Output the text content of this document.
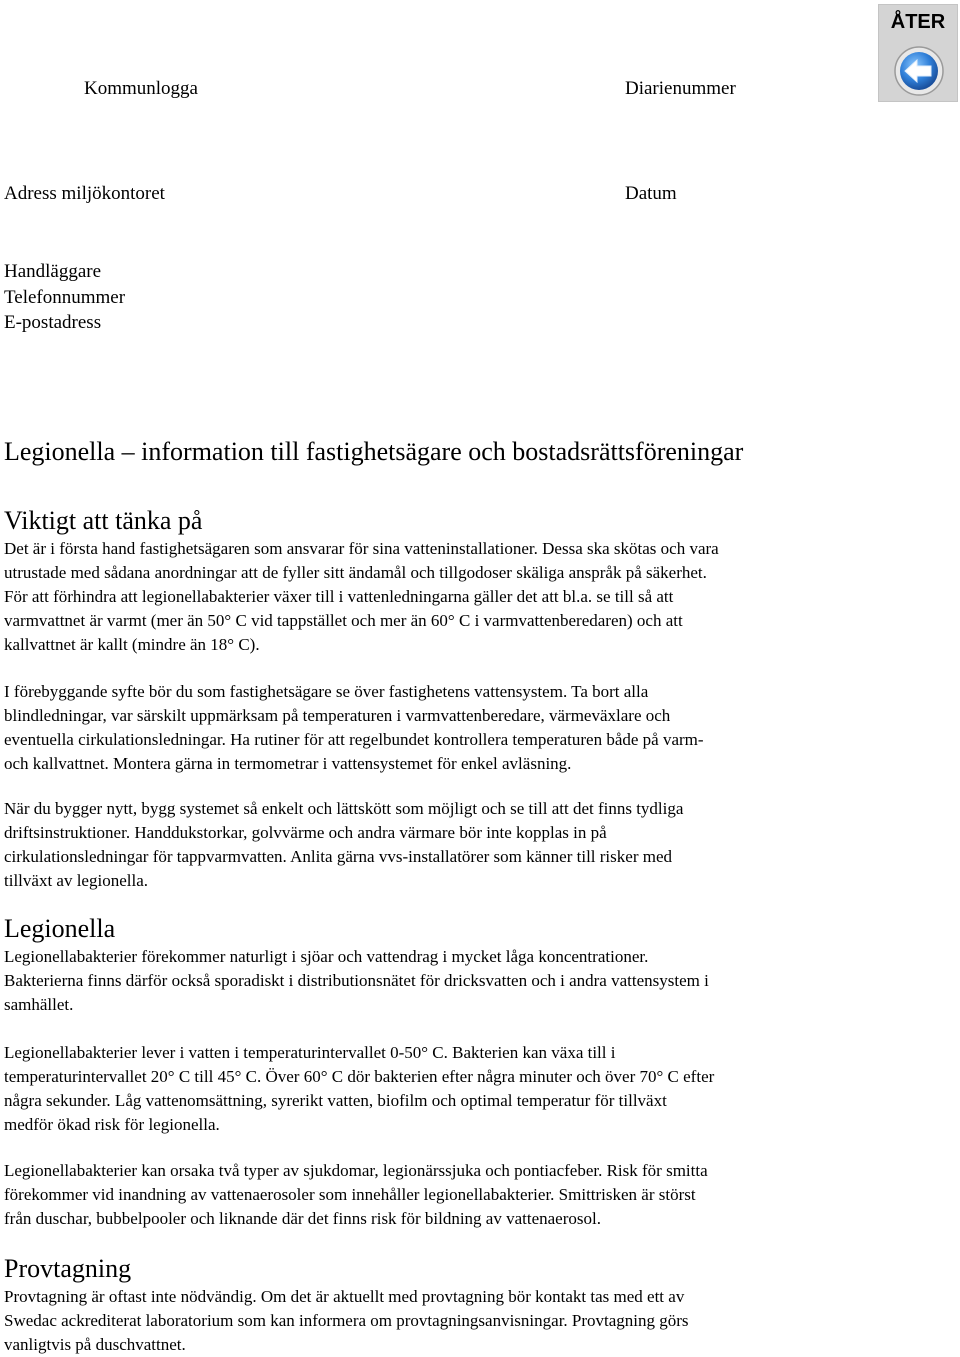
Kommunlogga	Diarienummer
Adress miljökontoret	Datum
Handläggare
Telefonnummer
E-postadress
ÅTER
Legionella – information till fastighetsägare och bostadsrättsföreningar
Viktigt att tänka på
Det är i första hand fastighetsägaren som ansvarar för sina vatteninstallationer. Dessa ska skötas och vara
utrustade med sådana anordningar att de fyller sitt ändamål och tillgodoser skäliga anspråk på säkerhet.
För att förhindra att legionellabakterier växer till i vattenledningarna gäller det att bl.a. se till så att
varmvattnet är varmt (mer än 50° C vid tappstället och mer än 60° C i varmvattenberedaren) och att
kallvattnet är kallt (mindre än 18° C).
I förebyggande syfte bör du som fastighetsägare se över fastighetens vattensystem. Ta bort alla
blindledningar, var särskilt uppmärksam på temperaturen i varmvattenberedare, värmeväxlare och
eventuella cirkulationsledningar. Ha rutiner för att regelbundet kontrollera temperaturen både på varm-
och kallvattnet. Montera gärna in termometrar i vattensystemet för enkel avläsning.
När du bygger nytt, bygg systemet så enkelt och lättskött som möjligt och se till att det finns tydliga
driftsinstruktioner. Handdukstorkar, golvvärme och andra värmare bör inte kopplas in på
cirkulationsledningar för tappvarmvatten. Anlita gärna vvs-installatörer som känner till risker med
tillväxt av legionella.
Legionella
Legionellabakterier förekommer naturligt i sjöar och vattendrag i mycket låga koncentrationer.
Bakterierna finns därför också sporadiskt i distributionsnätet för dricksvatten och i andra vattensystem i
samhället.
Legionellabakterier lever i vatten i temperaturintervallet 0-50° C. Bakterien kan växa till i
temperaturintervallet 20° C till 45° C. Över 60° C dör bakterien efter några minuter och över 70° C efter
några sekunder. Låg vattenomsättning, syrerikt vatten, biofilm och optimal temperatur för tillväxt
medför ökad risk för legionella.
Legionellabakterier kan orsaka två typer av sjukdomar, legionärssjuka och pontiacfeber. Risk för smitta
förekommer vid inandning av vattenaerosoler som innehåller legionellabakterier. Smittrisken är störst
från duschar, bubbelpooler och liknande där det finns risk för bildning av vattenaerosol.
Provtagning
Provtagning är oftast inte nödvändig. Om det är aktuellt med provtagning bör kontakt tas med ett av
Swedac ackrediterat laboratorium som kan informera om provtagningsanvisningar. Provtagning görs
vanligtvis på duschvattnet.
